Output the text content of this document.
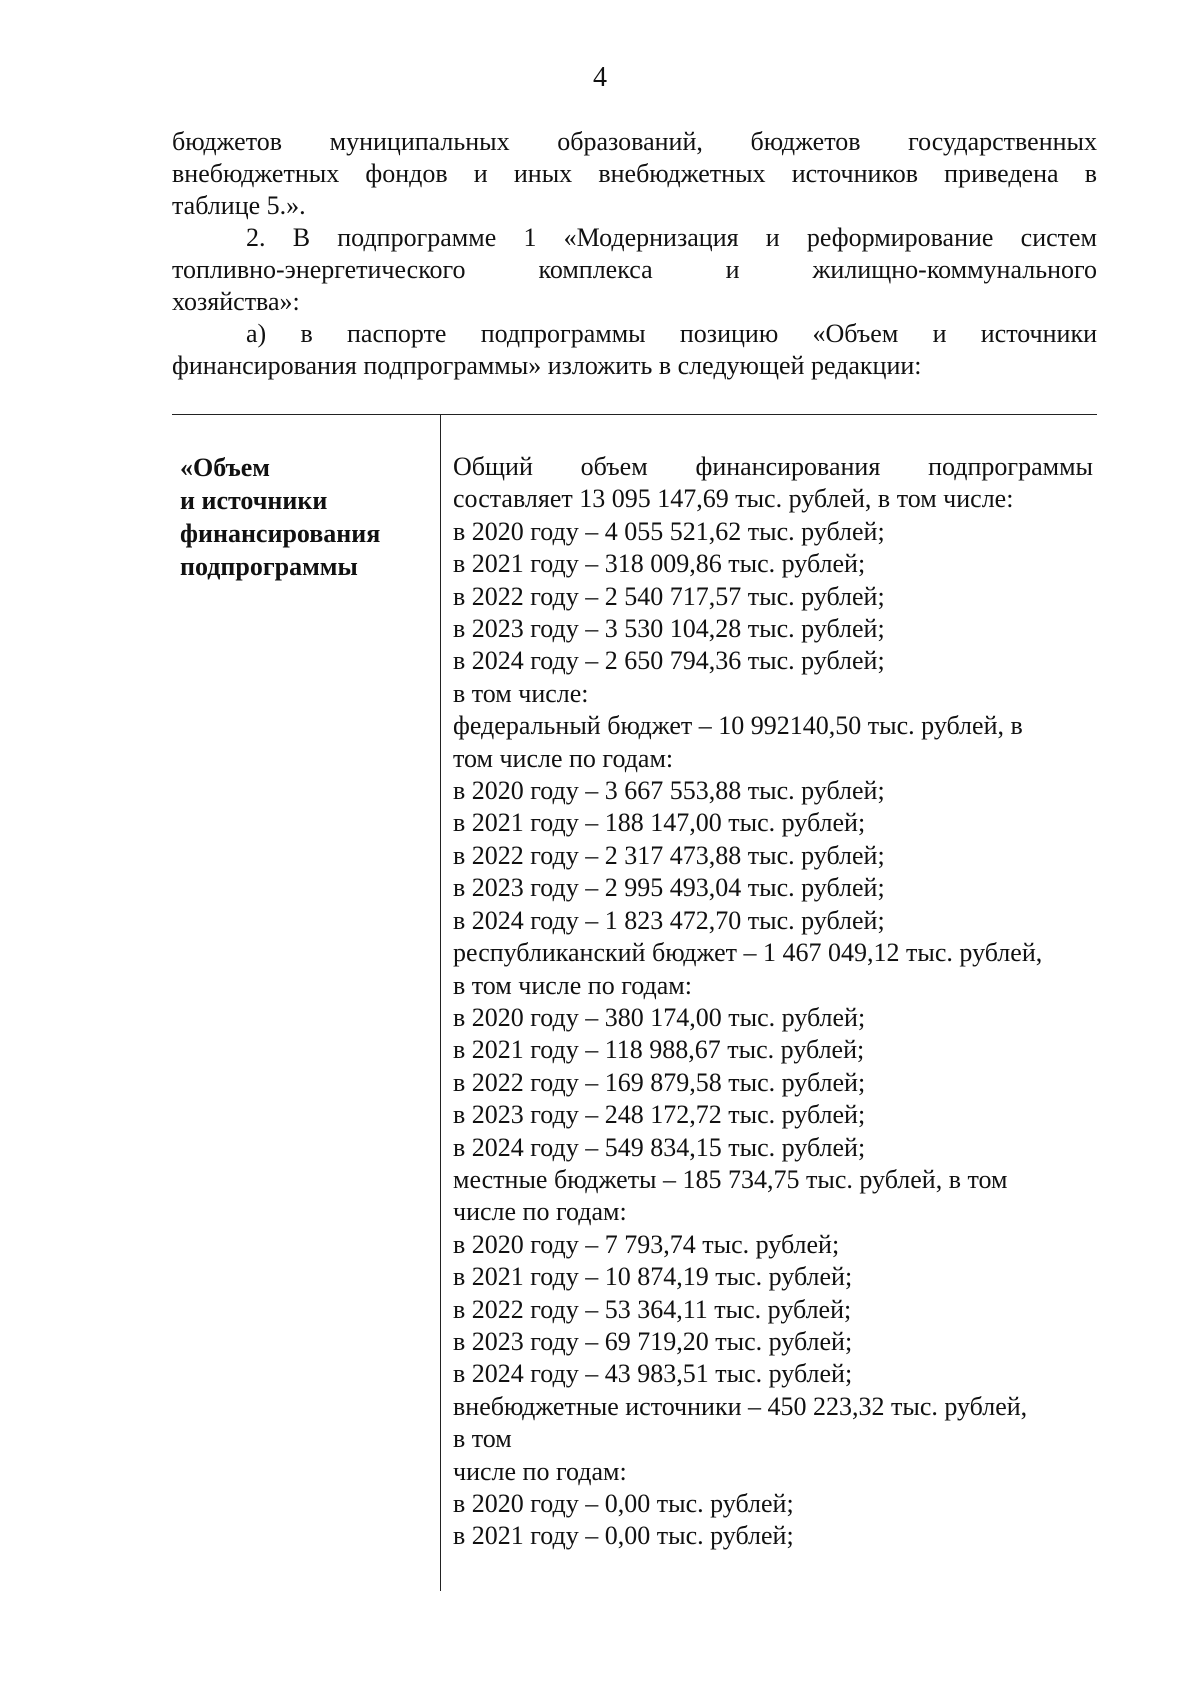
4

бюджетов муниципальных образований, бюджетов государственных

внебюджетных фондов и иных внебюджетных источников приведена в

таблице 5.».

2. В подпрограмме 1 «Модернизация и реформирование систем

топливно-энергетического комплекса и жилищно-коммунального

хозяйства»:

а) в паспорте подпрограммы позицию «Объем и источники

финансирования подпрограммы» изложить в следующей редакции:

«Объем
и источники
финансирования
подпрограммы
Общий объем финансирования подпрограммы
составляет 13 095 147,69 тыс. рублей, в том числе:
в 2020 году – 4 055 521,62 тыс. рублей;
в 2021 году – 318 009,86 тыс. рублей;
в 2022 году – 2 540 717,57 тыс. рублей;
в 2023 году – 3 530 104,28 тыс. рублей;
в 2024 году – 2 650 794,36 тыс. рублей;
в том числе:
федеральный бюджет – 10 992140,50 тыс. рублей, в
том числе по годам:
в 2020 году – 3 667 553,88 тыс. рублей;
в 2021 году – 188 147,00 тыс. рублей;
в 2022 году – 2 317 473,88 тыс. рублей;
в 2023 году – 2 995 493,04 тыс. рублей;
в 2024 году – 1 823 472,70 тыс. рублей;
республиканский бюджет – 1 467 049,12 тыс. рублей,
в том числе по годам:
в 2020 году – 380 174,00 тыс. рублей;
в 2021 году – 118 988,67 тыс. рублей;
в 2022 году – 169 879,58 тыс. рублей;
в 2023 году – 248 172,72 тыс. рублей;
в 2024 году – 549 834,15 тыс. рублей;
местные бюджеты – 185 734,75 тыс. рублей, в том
числе по годам:
в 2020 году – 7 793,74 тыс. рублей;
в 2021 году – 10 874,19 тыс. рублей;
в 2022 году – 53 364,11 тыс. рублей;
в 2023 году – 69 719,20 тыс. рублей;
в 2024 году – 43 983,51 тыс. рублей;
внебюджетные источники – 450 223,32 тыс. рублей,
в том
числе по годам:
в 2020 году – 0,00 тыс. рублей;
в 2021 году – 0,00 тыс. рублей;
